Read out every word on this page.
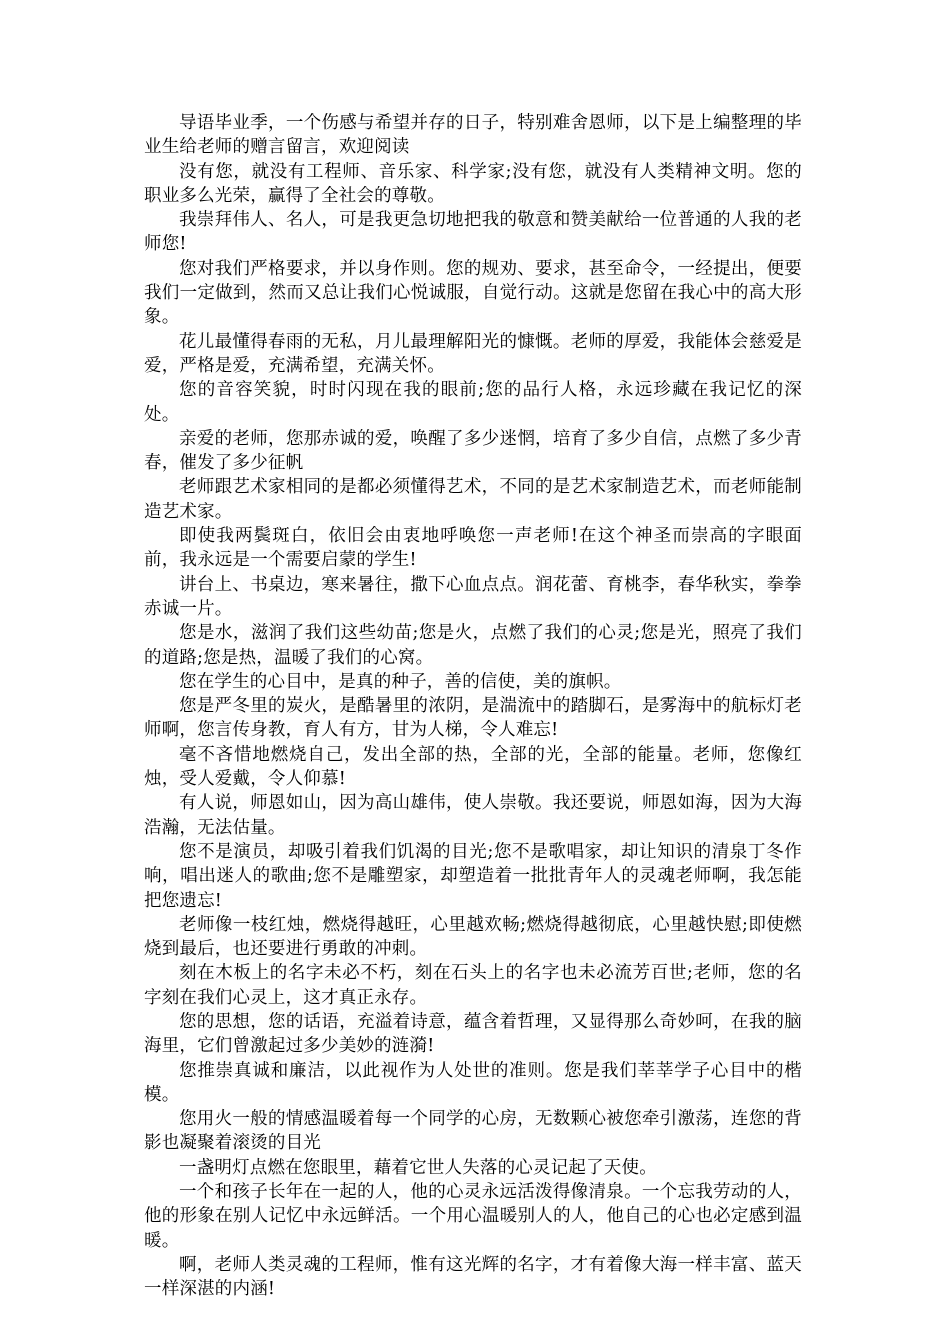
导语毕业季，一个伤感与希望并存的日子，特别难舍恩师，以下是上编整理的毕业生给老师的赠言留言，欢迎阅读

没有您，就没有工程师、音乐家、科学家;没有您，就没有人类精神文明。您的职业多么光荣，赢得了全社会的尊敬。

我崇拜伟人、名人，可是我更急切地把我的敬意和赞美献给一位普通的人我的老师您!

您对我们严格要求，并以身作则。您的规劝、要求，甚至命令，一经提出，便要我们一定做到，然而又总让我们心悦诚服，自觉行动。这就是您留在我心中的高大形象。

花儿最懂得春雨的无私，月儿最理解阳光的慷慨。老师的厚爱，我能体会慈爱是爱，严格是爱，充满希望，充满关怀。

您的音容笑貌，时时闪现在我的眼前;您的品行人格，永远珍藏在我记忆的深处。

亲爱的老师，您那赤诚的爱，唤醒了多少迷惘，培育了多少自信，点燃了多少青春，催发了多少征帆

老师跟艺术家相同的是都必须懂得艺术，不同的是艺术家制造艺术，而老师能制造艺术家。

即使我两鬓斑白，依旧会由衷地呼唤您一声老师!在这个神圣而崇高的字眼面前，我永远是一个需要启蒙的学生!

讲台上、书桌边，寒来暑往，撒下心血点点。润花蕾、育桃李，春华秋实，拳拳赤诚一片。

您是水，滋润了我们这些幼苗;您是火，点燃了我们的心灵;您是光，照亮了我们的道路;您是热，温暖了我们的心窝。

您在学生的心目中，是真的种子，善的信使，美的旗帜。

您是严冬里的炭火，是酷暑里的浓阴，是湍流中的踏脚石，是雾海中的航标灯老师啊，您言传身教，育人有方，甘为人梯，令人难忘!

毫不吝惜地燃烧自己，发出全部的热，全部的光，全部的能量。老师，您像红烛，受人爱戴，令人仰慕!

有人说，师恩如山，因为高山雄伟，使人崇敬。我还要说，师恩如海，因为大海浩瀚，无法估量。

您不是演员，却吸引着我们饥渴的目光;您不是歌唱家，却让知识的清泉丁冬作响，唱出迷人的歌曲;您不是雕塑家，却塑造着一批批青年人的灵魂老师啊，我怎能把您遗忘!

老师像一枝红烛，燃烧得越旺，心里越欢畅;燃烧得越彻底，心里越快慰;即使燃烧到最后，也还要进行勇敢的冲刺。

刻在木板上的名字未必不朽，刻在石头上的名字也未必流芳百世;老师，您的名字刻在我们心灵上，这才真正永存。

您的思想，您的话语，充溢着诗意，蕴含着哲理，又显得那么奇妙呵，在我的脑海里，它们曾激起过多少美妙的涟漪!

您推崇真诚和廉洁，以此视作为人处世的准则。您是我们莘莘学子心目中的楷模。

您用火一般的情感温暖着每一个同学的心房，无数颗心被您牵引激荡，连您的背影也凝聚着滚烫的目光

一盏明灯点燃在您眼里，藉着它世人失落的心灵记起了天使。

一个和孩子长年在一起的人，他的心灵永远活泼得像清泉。一个忘我劳动的人，他的形象在别人记忆中永远鲜活。一个用心温暖别人的人，他自己的心也必定感到温暖。

啊，老师人类灵魂的工程师，惟有这光辉的名字，才有着像大海一样丰富、蓝天一样深湛的内涵!
